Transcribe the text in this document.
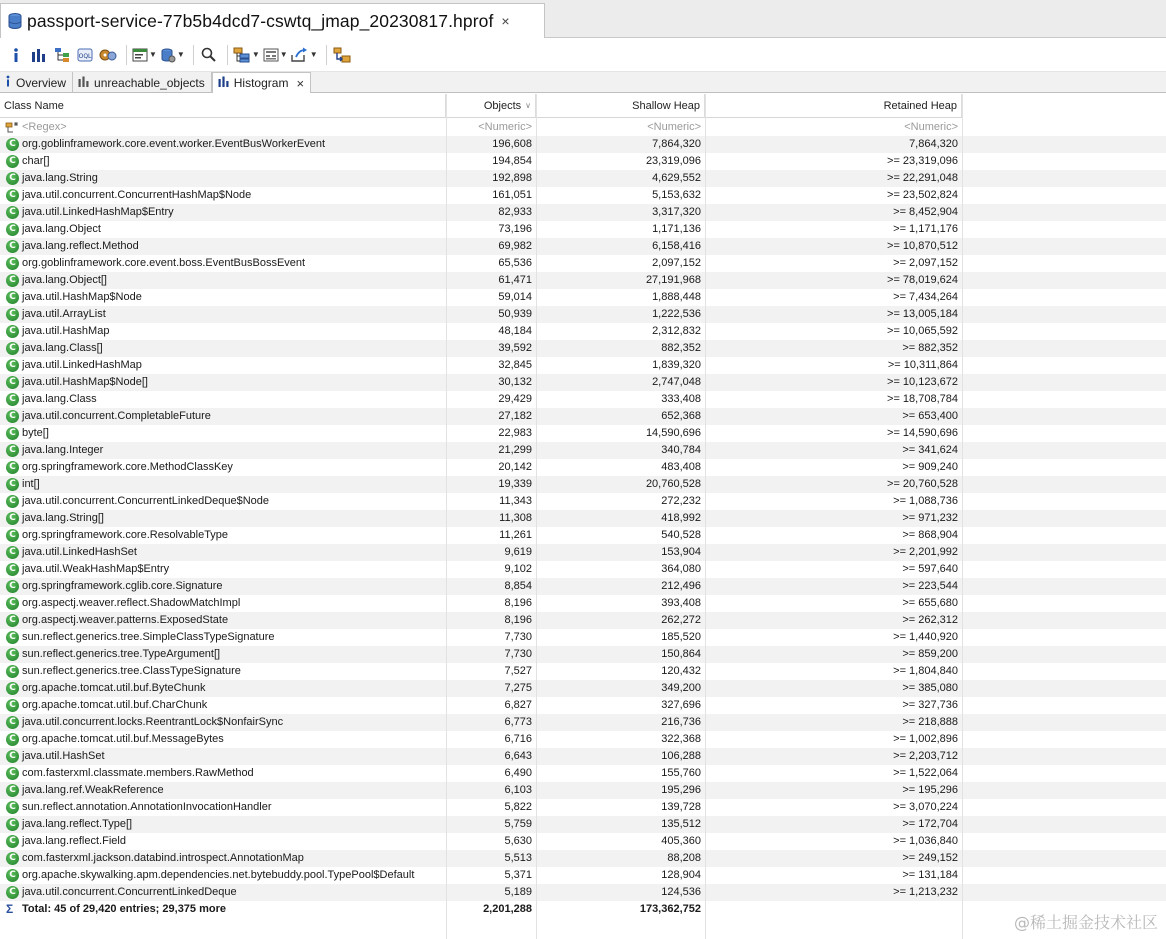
passport-service-77b5b4dcd7-cswtq_jmap_20230817.hprof ×
OQL	▼	▼	▼	▼	▼
Overview unreachable_objects Histogram ×
Class Name	Objects ∨	Shallow Heap	Retained Heap
<Regex>	<Numeric>	<Numeric>	<Numeric>
C org.goblinframework.core.event.worker.EventBusWorkerEvent	196,608	7,864,320	7,864,320
C char[]	194,854	23,319,096	>= 23,319,096
C java.lang.String	192,898	4,629,552	>= 22,291,048
C java.util.concurrent.ConcurrentHashMap$Node	161,051	5,153,632	>= 23,502,824
C java.util.LinkedHashMap$Entry	82,933	3,317,320	>= 8,452,904
C java.lang.Object	73,196	1,171,136	>= 1,171,176
C java.lang.reflect.Method	69,982	6,158,416	>= 10,870,512
C org.goblinframework.core.event.boss.EventBusBossEvent	65,536	2,097,152	>= 2,097,152
C java.lang.Object[]	61,471	27,191,968	>= 78,019,624
C java.util.HashMap$Node	59,014	1,888,448	>= 7,434,264
C java.util.ArrayList	50,939	1,222,536	>= 13,005,184
C java.util.HashMap	48,184	2,312,832	>= 10,065,592
C java.lang.Class[]	39,592	882,352	>= 882,352
C java.util.LinkedHashMap	32,845	1,839,320	>= 10,311,864
C java.util.HashMap$Node[]	30,132	2,747,048	>= 10,123,672
C java.lang.Class	29,429	333,408	>= 18,708,784
C java.util.concurrent.CompletableFuture	27,182	652,368	>= 653,400
C byte[]	22,983	14,590,696	>= 14,590,696
C java.lang.Integer	21,299	340,784	>= 341,624
C org.springframework.core.MethodClassKey	20,142	483,408	>= 909,240
C int[]	19,339	20,760,528	>= 20,760,528
C java.util.concurrent.ConcurrentLinkedDeque$Node	11,343	272,232	>= 1,088,736
C java.lang.String[]	11,308	418,992	>= 971,232
C org.springframework.core.ResolvableType	11,261	540,528	>= 868,904
C java.util.LinkedHashSet	9,619	153,904	>= 2,201,992
C java.util.WeakHashMap$Entry	9,102	364,080	>= 597,640
C org.springframework.cglib.core.Signature	8,854	212,496	>= 223,544
C org.aspectj.weaver.reflect.ShadowMatchImpl	8,196	393,408	>= 655,680
C org.aspectj.weaver.patterns.ExposedState	8,196	262,272	>= 262,312
C sun.reflect.generics.tree.SimpleClassTypeSignature	7,730	185,520	>= 1,440,920
C sun.reflect.generics.tree.TypeArgument[]	7,730	150,864	>= 859,200
C sun.reflect.generics.tree.ClassTypeSignature	7,527	120,432	>= 1,804,840
C org.apache.tomcat.util.buf.ByteChunk	7,275	349,200	>= 385,080
C org.apache.tomcat.util.buf.CharChunk	6,827	327,696	>= 327,736
C java.util.concurrent.locks.ReentrantLock$NonfairSync	6,773	216,736	>= 218,888
C org.apache.tomcat.util.buf.MessageBytes	6,716	322,368	>= 1,002,896
C java.util.HashSet	6,643	106,288	>= 2,203,712
C com.fasterxml.classmate.members.RawMethod	6,490	155,760	>= 1,522,064
C java.lang.ref.WeakReference	6,103	195,296	>= 195,296
C sun.reflect.annotation.AnnotationInvocationHandler	5,822	139,728	>= 3,070,224
C java.lang.reflect.Type[]	5,759	135,512	>= 172,704
C java.lang.reflect.Field	5,630	405,360	>= 1,036,840
C com.fasterxml.jackson.databind.introspect.AnnotationMap	5,513	88,208	>= 249,152
C org.apache.skywalking.apm.dependencies.net.bytebuddy.pool.TypePool$Default	5,371	128,904	>= 131,184
C java.util.concurrent.ConcurrentLinkedDeque	5,189	124,536	>= 1,213,232
Σ Total: 45 of 29,420 entries; 29,375 more	2,201,288	173,362,752
@稀土掘金技术社区
